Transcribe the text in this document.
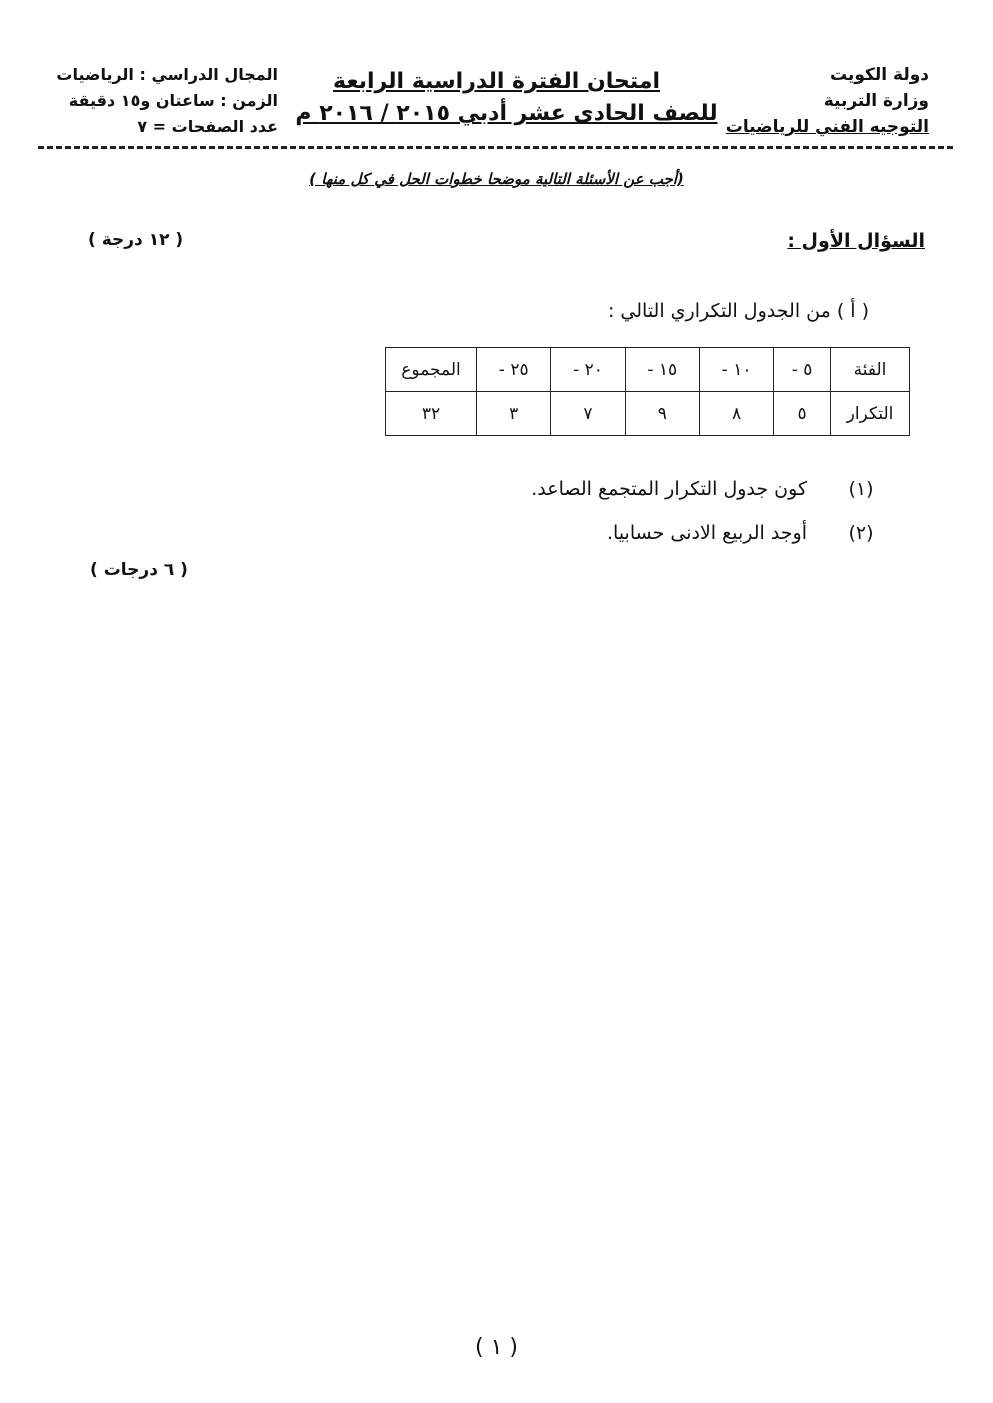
دولة الكويت
وزارة التربية
التوجيه الفني للرياضيات
امتحان الفترة الدراسية الرابعة
للصف الحادى عشر أدبي ٢٠١٥ / ٢٠١٦ م
المجال الدراسي : الرياضيات
الزمن : ساعتان و١٥ دقيقة
عدد الصفحات = ٧
(أجب عن الأسئلة التالية موضحا خطوات الحل في كل منها )
السؤال الأول :
( ١٢ درجة )
( أ ) من الجدول التكراري التالي :
الفئة	٥ -	١٠ -	١٥ -	٢٠ -	٢٥ -	المجموع
التكرار	٥	٨	٩	٧	٣	٣٢
(١)كون جدول التكرار المتجمع الصاعد.
(٢)أوجد الربيع الادنى حسابيا.
( ٦ درجات )
( ١ )
